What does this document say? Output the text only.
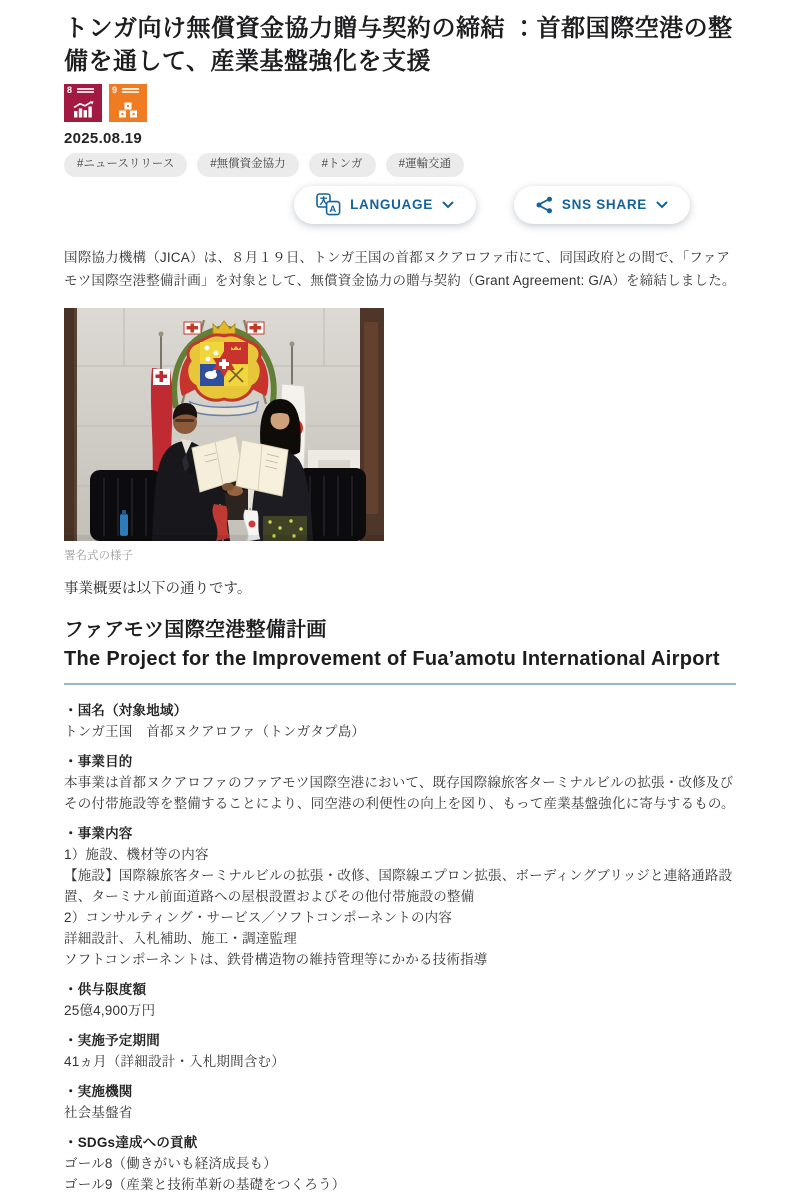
トンガ向け無償資金協力贈与契約の締結 ：首都国際空港の整備を通して、産業基盤強化を支援
8	9
2025.08.19
#ニュースリリース	#無償資金協力	#トンガ	#運輸交通
A LANGUAGE	SNS SHARE

国際協力機構（JICA）は、８月１９日、トンガ王国の首都ヌクアロファ市にて、同国政府との間で、「ファアモツ国際空港整備計画」を対象として、無償資金協力の贈与契約（Grant Agreement: G/A）を締結しました。

署名式の様子

事業概要は以下の通りです。

ファアモツ国際空港整備計画
The Project for the Improvement of Fua’amotu International Airport
・国名（対象地域）

トンガ王国　首都ヌクアロファ（トンガタプ島）

・事業目的

本事業は首都ヌクアロファのファアモツ国際空港において、既存国際線旅客ターミナルビルの拡張・改修及びその付帯施設等を整備することにより、同空港の利便性の向上を図り、もって産業基盤強化に寄与するもの。

・事業内容

1）施設、機材等の内容

【施設】国際線旅客ターミナルビルの拡張・改修、国際線エプロン拡張、ボーディングブリッジと連絡通路設置、ターミナル前面道路への屋根設置およびその他付帯施設の整備

2）コンサルティング・サービス／ソフトコンポーネントの内容

詳細設計、入札補助、施工・調達監理

ソフトコンポーネントは、鉄骨構造物の維持管理等にかかる技術指導

・供与限度額

25億4,900万円

・実施予定期間

41ヵ月（詳細設計・入札期間含む）

・実施機関

社会基盤省

・SDGs達成への貢献

ゴール8（働きがいも経済成長も）

ゴール9（産業と技術革新の基礎をつくろう）
